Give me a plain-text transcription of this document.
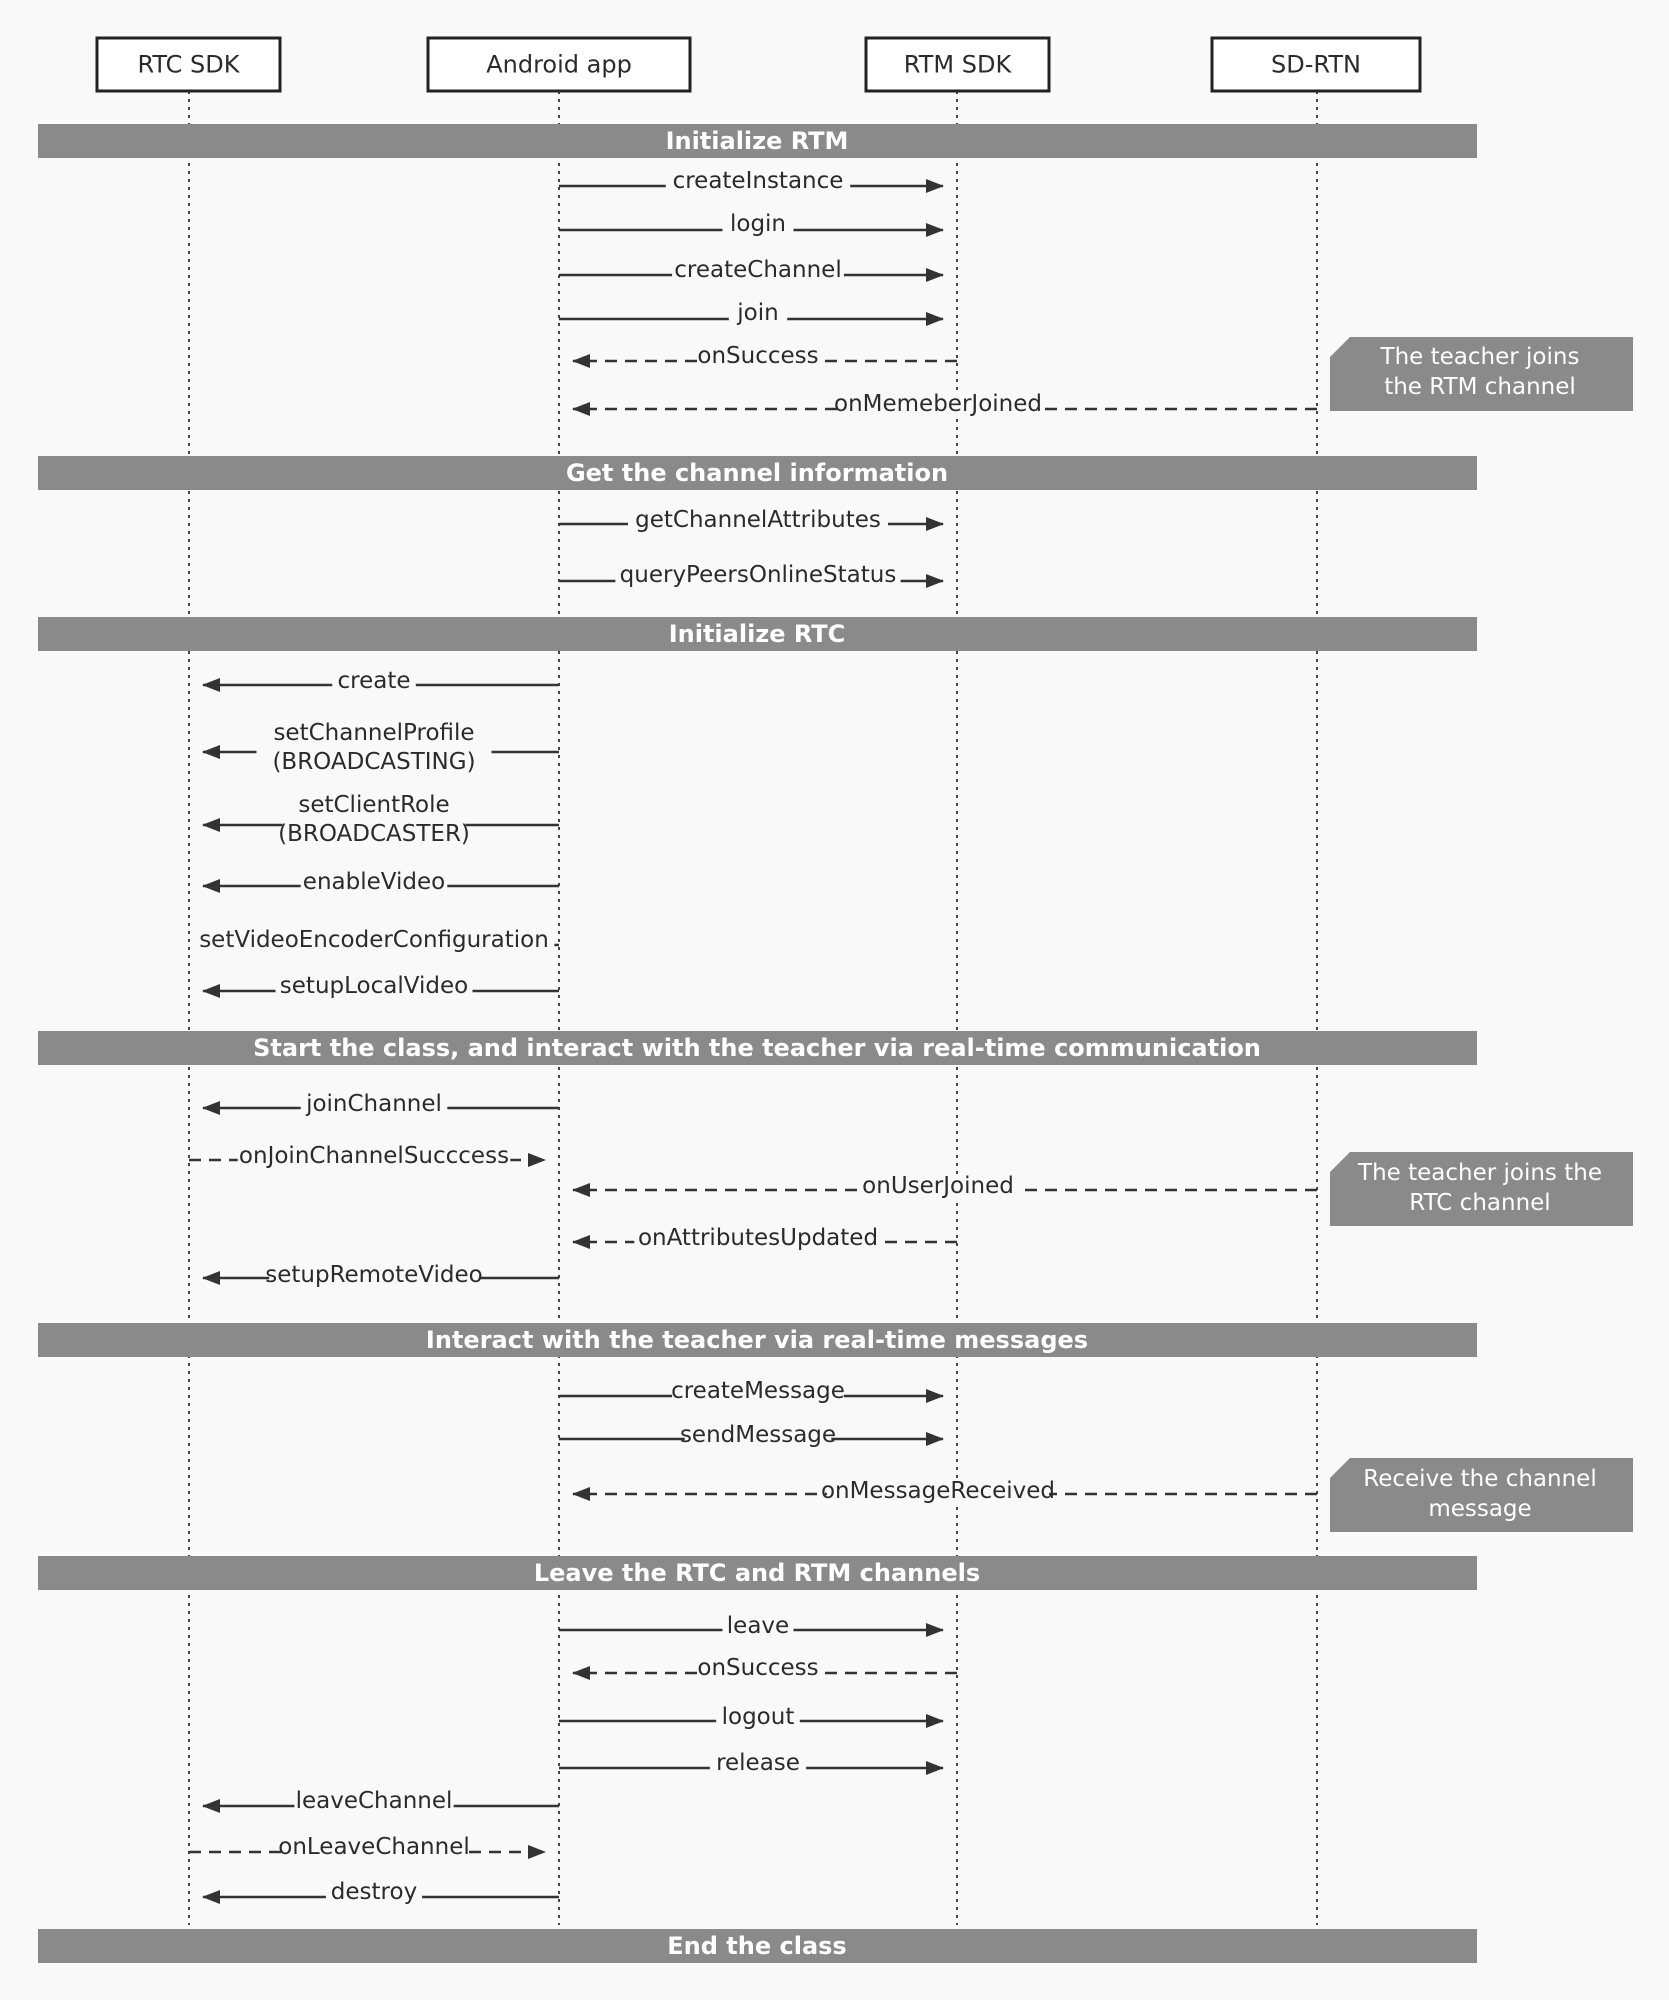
RTC SDK	Android app	RTM SDK	SD-RTN
Initialize RTM
Get the channel information
Initialize RTC
Start the class, and interact with the teacher via real-time communication
Interact with the teacher via real-time messages
Leave the RTC and RTM channels
End the class
createInstance
login
createChannel
join
onSuccess
onMemeberJoined
getChannelAttributes
queryPeersOnlineStatus
create
setChannelProfile
(BROADCASTING)
setClientRole
(BROADCASTER)
enableVideo
setVideoEncoderConfiguration
setupLocalVideo
joinChannel
onJoinChannelSucccess
onUserJoined
onAttributesUpdated
setupRemoteVideo
createMessage
sendMessage
onMessageReceived
leave
onSuccess
logout
release
leaveChannel
onLeaveChannel
destroy
The teacher joins
the RTM channel
The teacher joins the
RTC channel
Receive the channel
message
